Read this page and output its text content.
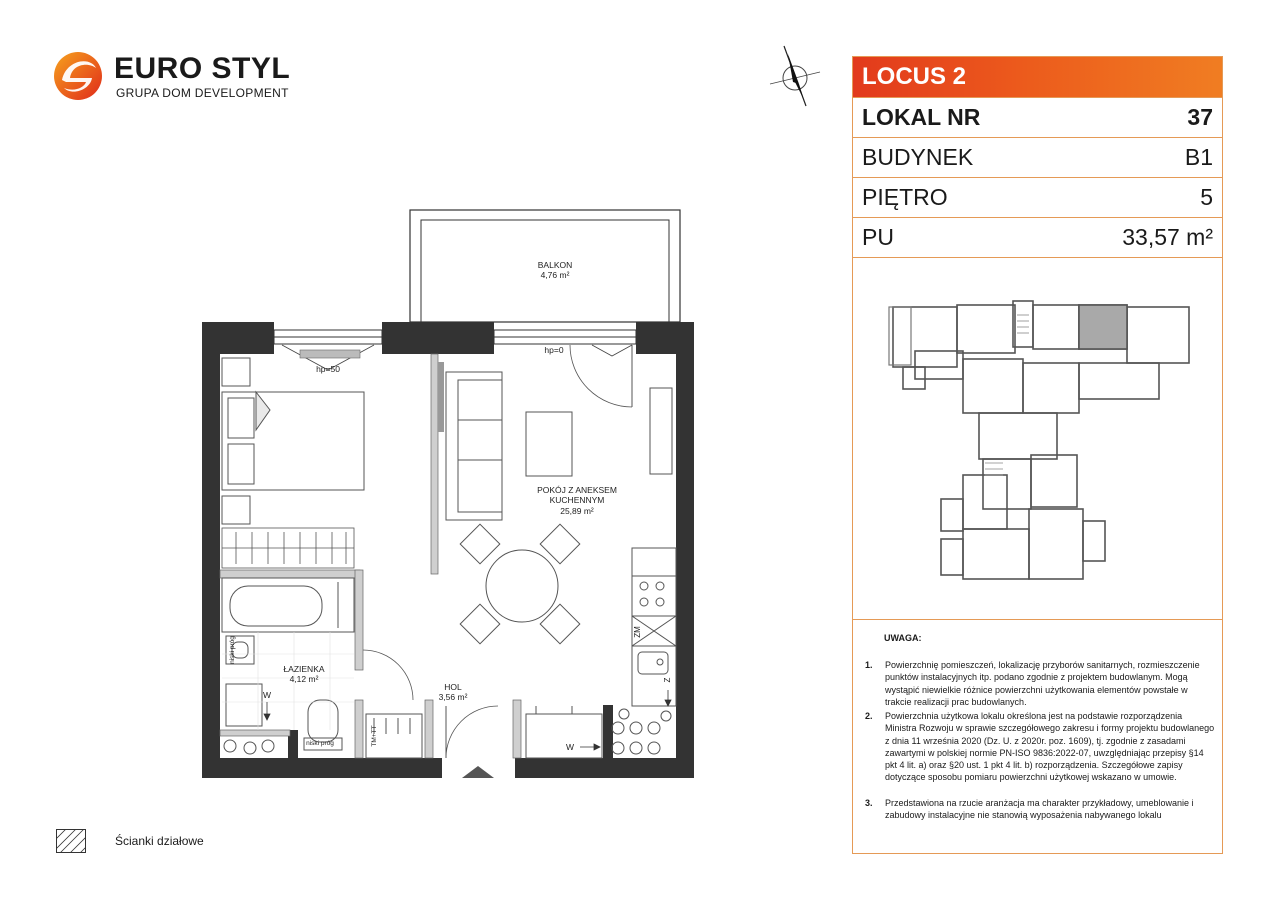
EURO STYL
GRUPA DOM DEVELOPMENT
LOCUS 2
LOKAL NR	37
BUDYNEK	B1
PIĘTRO	5
PU	33,57 m²
UWAGA:
1. Powierzchnię pomieszczeń, lokalizację przyborów sanitarnych, rozmieszczenie punktów instalacyjnych itp. podano zgodnie z projektem budowlanym. Mogą wystąpić niewielkie różnice powierzchni użytkowania elementów powstałe w trakcie realizacji prac budowlanych.
2. Powierzchnia użytkowa lokalu określona jest na podstawie rozporządzenia Ministra Rozwoju w sprawie szczegółowego zakresu i formy projektu budowlanego z dnia 11 września 2020 (Dz. U. z 2020r. poz. 1609), tj. zgodnie z zasadami zawartymi w polskiej normie PN-ISO 9836:2022-07, uwzględniając przepisy §14 pkt 4 lit. a) oraz §20 ust. 1 pkt 4 lit. b) rozporządzenia. Szczegółowe zapisy dotyczące sposobu pomiaru powierzchni użytkowej wskazano w umowie.
3. Przedstawiona na rzucie aranżacja ma charakter przykładowy, umeblowanie i zabudowy instalacyjne nie stanowią wyposażenia nabywanego lokalu
Ścianki działowe
BALKON
4,76 m²
POKÓJ Z ANEKSEM
KUCHENNYM
25,89 m²
ŁAZIENKA
4,12 m²
HOL
3,56 m²
hp=50
hp=0
niski próg
niski próg
W
W
TM+TT
ZM
Z
